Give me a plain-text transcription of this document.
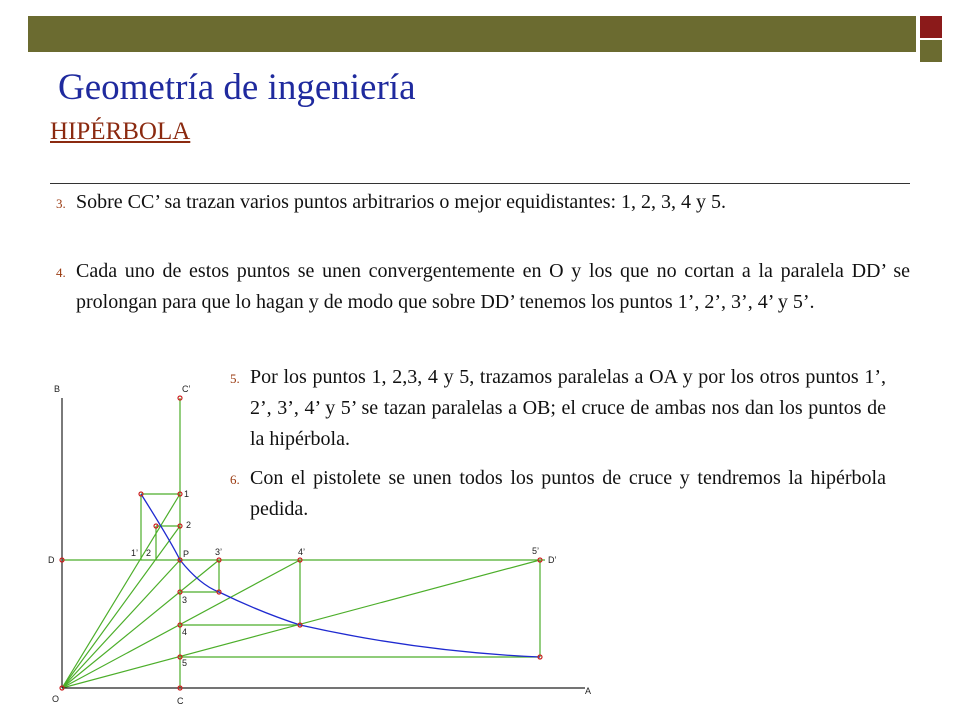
Geometría de ingeniería
HIPÉRBOLA
3. Sobre CC’ sa trazan varios puntos arbitrarios o mejor equidistantes: 1, 2, 3, 4 y 5.
4. Cada uno de estos puntos se unen convergentemente en O y los que no cortan a la paralela DD’ se prolongan para que lo hagan y de modo que sobre DD’ tenemos los puntos 1’, 2’, 3’, 4’ y 5’.
5. Por los puntos 1, 2,3, 4 y 5, trazamos paralelas a OA y por los otros puntos 1’, 2’, 3’, 4’ y 5’ se tazan paralelas a OB; el cruce de ambas nos dan los puntos de la hipérbola.
6. Con el pistolete se unen todos los puntos de cruce y tendremos la hipérbola pedida.
B	C’
D
P
D’
O	C
A
1
2
3
4
5
1’ 2	3’	4’	5’
